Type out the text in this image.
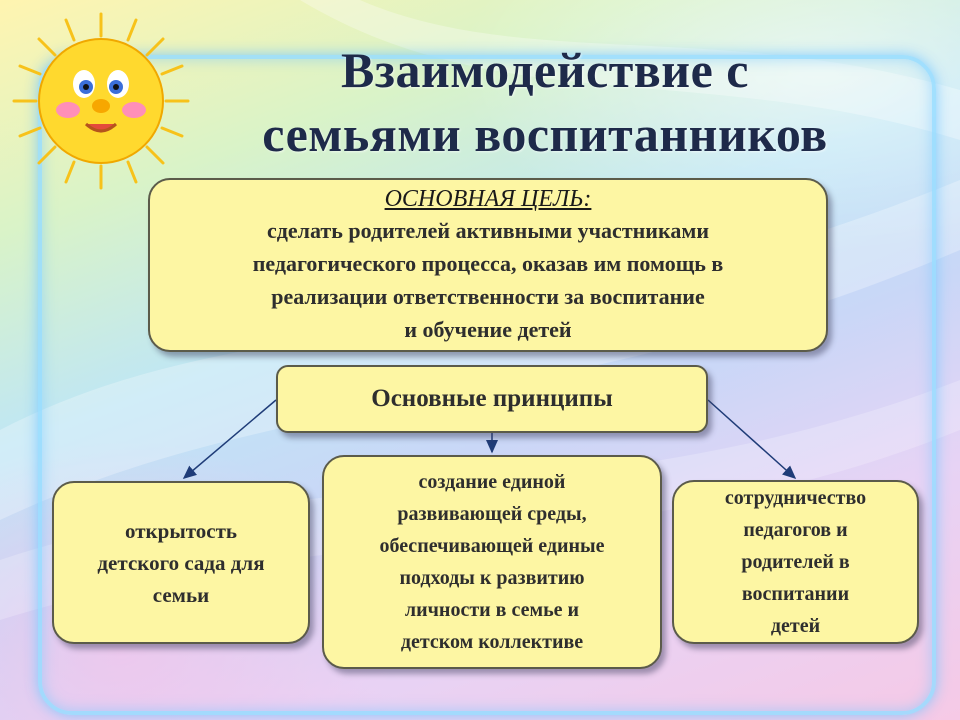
Взаимодействие с
семьями воспитанников
ОСНОВНАЯ ЦЕЛЬ:
сделать родителей активными участниками
педагогического процесса, оказав им помощь в
реализации ответственности за воспитание
и обучение детей
Основные принципы
открытость
детского сада для
семьи
создание единой
развивающей среды,
обеспечивающей единые
подходы к развитию
личности в семье и
детском коллективе
сотрудничество
педагогов и
родителей в
воспитании
детей
